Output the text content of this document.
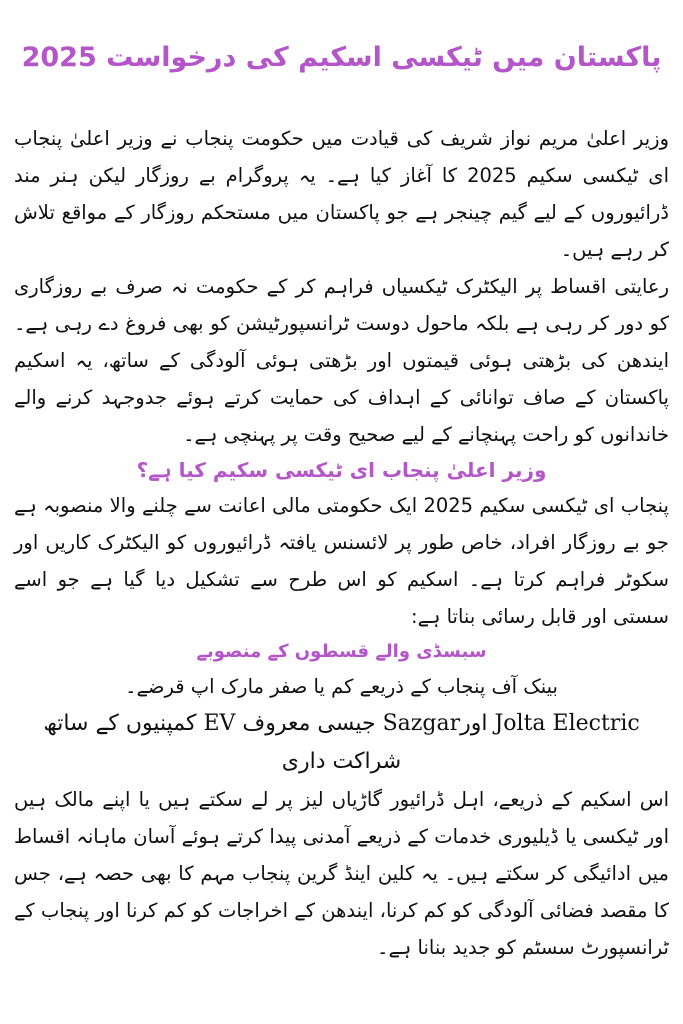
پاکستان میں ٹیکسی اسکیم کی درخواست 2025

وزیر اعلیٰ مریم نواز شریف کی قیادت میں حکومت پنجاب نے وزیر اعلیٰ پنجاب ای ٹیکسی سکیم 2025 کا آغاز کیا ہے۔ یہ پروگرام بے روزگار لیکن ہنر مند ڈرائیوروں کے لیے گیم چینجر ہے جو پاکستان میں مستحکم روزگار کے مواقع تلاش کر رہے ہیں۔

رعایتی اقساط پر الیکٹرک ٹیکسیاں فراہم کر کے حکومت نہ صرف بے روزگاری کو دور کر رہی ہے بلکہ ماحول دوست ٹرانسپورٹیشن کو بھی فروغ دے رہی ہے۔ ایندھن کی بڑھتی ہوئی قیمتوں اور بڑھتی ہوئی آلودگی کے ساتھ، یہ اسکیم پاکستان کے صاف توانائی کے اہداف کی حمایت کرتے ہوئے جدوجہد کرنے والے خاندانوں کو راحت پہنچانے کے لیے صحیح وقت پر پہنچی ہے۔

وزیر اعلیٰ پنجاب ای ٹیکسی سکیم کیا ہے؟

پنجاب ای ٹیکسی سکیم 2025 ایک حکومتی مالی اعانت سے چلنے والا منصوبہ ہے جو بے روزگار افراد، خاص طور پر لائسنس یافتہ ڈرائیوروں کو الیکٹرک کاریں اور سکوٹر فراہم کرتا ہے۔ اسکیم کو اس طرح سے تشکیل دیا گیا ہے جو اسے سستی اور قابل رسائی بناتا ہے:

سبسڈی والے قسطوں کے منصوبے

بینک آف پنجاب کے ذریعے کم یا صفر مارک اپ قرضے۔

Jolta Electric اورSazgar جیسی معروف EV کمپنیوں کے ساتھ شراکت داری

اس اسکیم کے ذریعے، اہل ڈرائیور گاڑیاں لیز پر لے سکتے ہیں یا اپنے مالک ہیں اور ٹیکسی یا ڈیلیوری خدمات کے ذریعے آمدنی پیدا کرتے ہوئے آسان ماہانہ اقساط میں ادائیگی کر سکتے ہیں۔ یہ کلین اینڈ گرین پنجاب مہم کا بھی حصہ ہے، جس کا مقصد فضائی آلودگی کو کم کرنا، ایندھن کے اخراجات کو کم کرنا اور پنجاب کے ٹرانسپورٹ سسٹم کو جدید بنانا ہے۔
